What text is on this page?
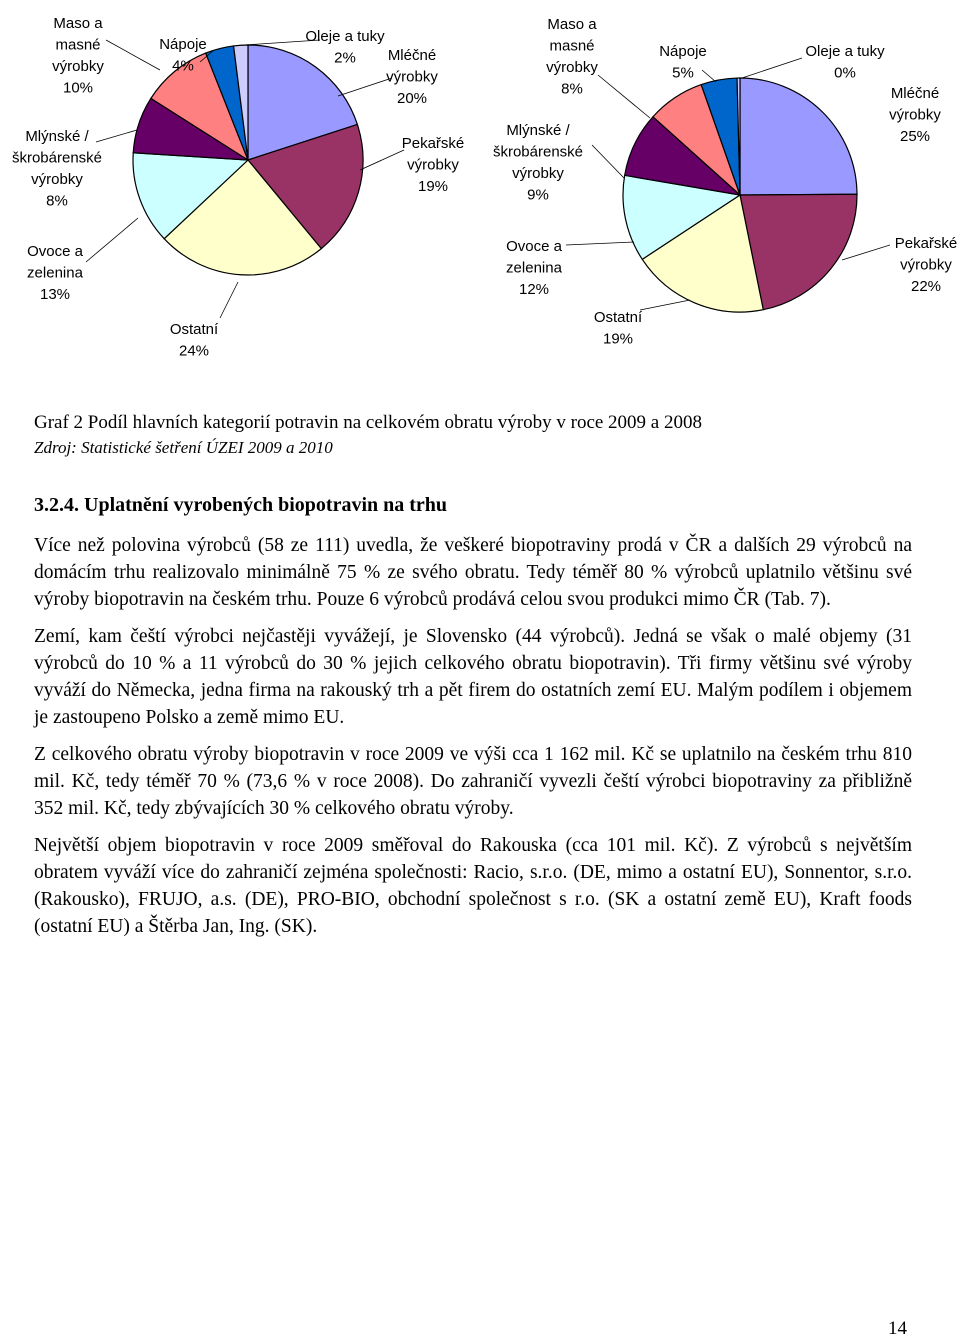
Mléčné výrobky 20%
Pekařské výrobky 19%
Ostatní 24%
Ovoce a zelenina 13%
Mlýnské / škrobárenské výrobky 8%
Maso a masné výrobky 10%
Nápoje 4%
Oleje a tuky 2%
Mléčné výrobky 25%
Pekařské výrobky 22%
Ostatní 19%
Ovoce a zelenina 12%
Mlýnské / škrobárenské výrobky 9%
Maso a masné výrobky 8%
Nápoje 5%
Oleje a tuky 0%
Graf 2 Podíl hlavních kategorií potravin na celkovém obratu výroby v roce 2009 a 2008
Zdroj: Statistické šetření ÚZEI 2009 a 2010
3.2.4. Uplatnění vyrobených biopotravin na trhu

Více než polovina výrobců (58 ze 111) uvedla, že veškeré biopotraviny prodá v ČR a dalších 29 výrobců na domácím trhu realizovalo minimálně 75 % ze svého obratu. Tedy téměř 80 % výrobců uplatnilo většinu své výroby biopotravin na českém trhu. Pouze 6 výrobců prodává celou svou produkci mimo ČR (Tab. 7).

Zemí, kam čeští výrobci nejčastěji vyvážejí, je Slovensko (44 výrobců). Jedná se však o malé objemy (31 výrobců do 10 % a 11 výrobců do 30 % jejich celkového obratu biopotravin). Tři firmy většinu své výroby vyváží do Německa, jedna firma na rakouský trh a pět firem do ostatních zemí EU. Malým podílem i objemem je zastoupeno Polsko a země mimo EU.

Z celkového obratu výroby biopotravin v roce 2009 ve výši cca 1 162 mil. Kč se uplatnilo na českém trhu 810 mil. Kč, tedy téměř 70 % (73,6 % v roce 2008). Do zahraničí vyvezli čeští výrobci biopotraviny za přibližně 352 mil. Kč, tedy zbývajících 30 % celkového obratu výroby.

Největší objem biopotravin v roce 2009 směřoval do Rakouska (cca 101 mil. Kč). Z výrobců s největším obratem vyváží více do zahraničí zejména společnosti: Racio, s.r.o. (DE, mimo a ostatní EU), Sonnentor, s.r.o. (Rakousko), FRUJO, a.s. (DE), PRO-BIO, obchodní společnost s r.o. (SK a ostatní země EU), Kraft foods (ostatní EU) a Štěrba Jan, Ing. (SK).

14
